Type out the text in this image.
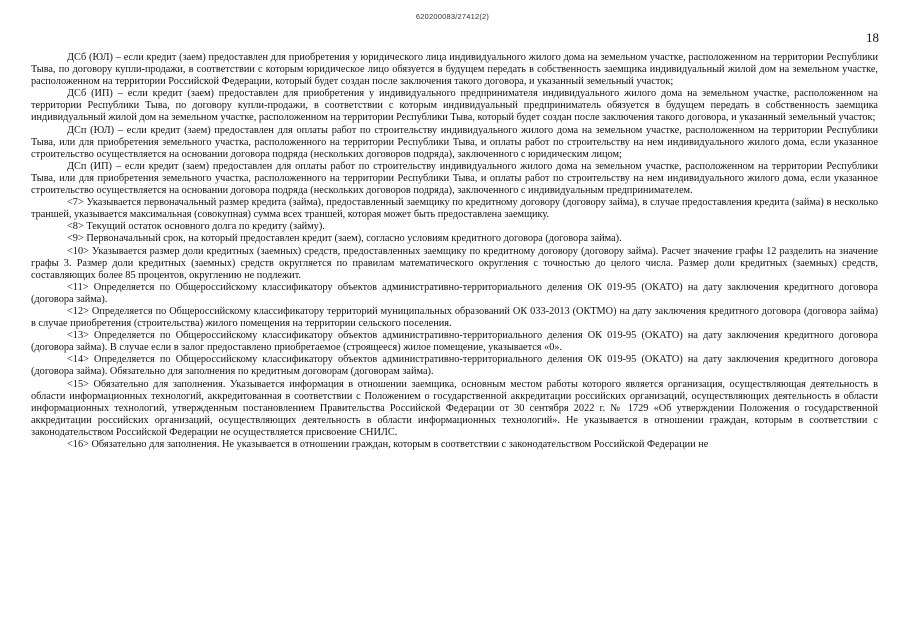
620200083/27412(2)
18

ДСб (ЮЛ) – если кредит (заем) предоставлен для приобретения у юридического лица индивидуального жилого дома на земельном участке, расположенном на территории Республики Тыва, по договору купли-продажи, в соответствии с которым юридическое лицо обязуется в будущем передать в собственность заемщика индивидуальный жилой дом на земельном участке, расположенном на территории Российской Федерации, который будет создан после заключения такого договора, и указанный земельный участок;

ДСб (ИП) – если кредит (заем) предоставлен для приобретения у индивидуального предпринимателя индивидуального жилого дома на земельном участке, расположенном на территории Республики Тыва, по договору купли-продажи, в соответствии с которым индивидуальный предприниматель обязуется в будущем передать в собственность заемщика индивидуальный жилой дом на земельном участке, расположенном на территории Республики Тыва, который будет создан после заключения такого договора, и указанный земельный участок;

ДСп (ЮЛ) – если кредит (заем) предоставлен для оплаты работ по строительству индивидуального жилого дома на земельном участке, расположенном на территории Республики Тыва, или для приобретения земельного участка, расположенного на территории Республики Тыва, и оплаты работ по строительству на нем индивидуального жилого дома, если указанное строительство осуществляется на основании договора подряда (нескольких договоров подряда), заключенного с юридическим лицом;

ДСп (ИП) – если кредит (заем) предоставлен для оплаты работ по строительству индивидуального жилого дома на земельном участке, расположенном на территории Республики Тыва, или для приобретения земельного участка, расположенного на территории Республики Тыва, и оплаты работ по строительству на нем индивидуального жилого дома, если указанное строительство осуществляется на основании договора подряда (нескольких договоров подряда), заключенного с индивидуальным предпринимателем.

<7> Указывается первоначальный размер кредита (займа), предоставленный заемщику по кредитному договору (договору займа), в случае предоставления кредита (займа) в несколько траншей, указывается максимальная (совокупная) сумма всех траншей, которая может быть предоставлена заемщику.

<8> Текущий остаток основного долга по кредиту (займу).

<9> Первоначальный срок, на который предоставлен кредит (заем), согласно условиям кредитного договора (договора займа).

<10> Указывается размер доли кредитных (заемных) средств, предоставленных заемщику по кредитному договору (договору займа). Расчет значение графы 12 разделить на значение графы 3. Размер доли кредитных (заемных) средств округляется по правилам математического округления с точностью до целого числа. Размер доли кредитных (заемных) средств, составляющих более 85 процентов, округлению не подлежит.

<11> Определяется по Общероссийскому классификатору объектов административно-территориального деления ОК 019-95 (ОКАТО) на дату заключения кредитного договора (договора займа).

<12> Определяется по Общероссийскому классификатору территорий муниципальных образований ОК 033-2013 (ОКТМО) на дату заключения кредитного договора (договора займа) в случае приобретения (строительства) жилого помещения на территории сельского поселения.

<13> Определяется по Общероссийскому классификатору объектов административно-территориального деления ОК 019-95 (ОКАТО) на дату заключения кредитного договора (договора займа). В случае если в залог предоставлено приобретаемое (строящееся) жилое помещение, указывается «0».

<14> Определяется по Общероссийскому классификатору объектов административно-территориального деления ОК 019-95 (ОКАТО) на дату заключения кредитного договора (договора займа). Обязательно для заполнения по кредитным договорам (договорам займа).

<15> Обязательно для заполнения. Указывается информация в отношении заемщика, основным местом работы которого является организация, осуществляющая деятельность в области информационных технологий, аккредитованная в соответствии с Положением о государственной аккредитации российских организаций, осуществляющих деятельность в области информационных технологий, утвержденным постановлением Правительства Российской Федерации от 30 сентября 2022 г. № 1729 «Об утверждении Положения о государственной аккредитации российских организаций, осуществляющих деятельность в области информационных технологий». Не указывается в отношении граждан, которым в соответствии с законодательством Российской Федерации не осуществляется присвоение СНИЛС.

<16> Обязательно для заполнения. Не указывается в отношении граждан, которым в соответствии с законодательством Российской Федерации не
